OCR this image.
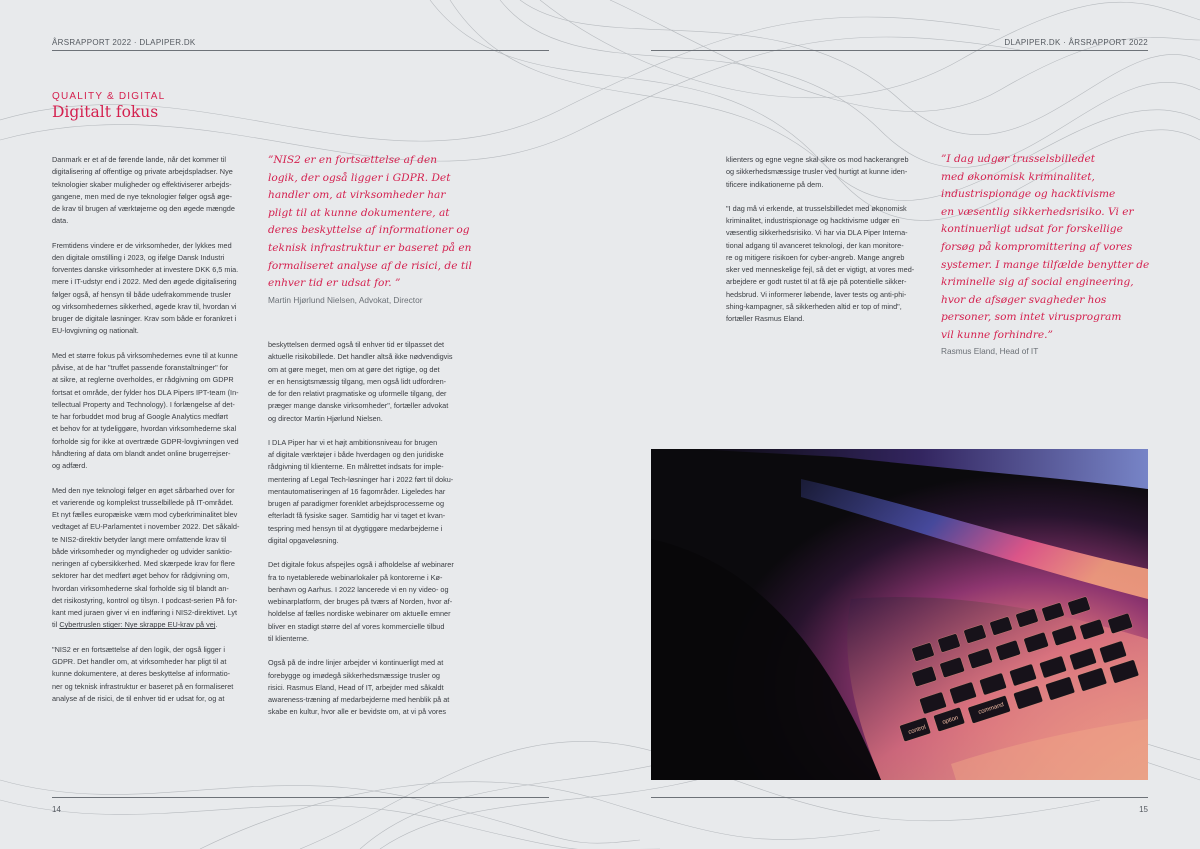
ÅRSRAPPORT 2022 · DLAPIPER.DK	DLAPIPER.DK · ÅRSRAPPORT 2022
QUALITY & DIGITAL
Digitalt fokus

Danmark er et af de førende lande, når det kommer til
digitalisering af offentlige og private arbejdspladser. Nye
teknologier skaber muligheder og effektiviserer arbejds-
gangene, men med de nye teknologier følger også øge-
de krav til brugen af værktøjerne og den øgede mængde
data.

Fremtidens vindere er de virksomheder, der lykkes med
den digitale omstilling i 2023, og ifølge Dansk Industri
forventes danske virksomheder at investere DKK 6,5 mia.
mere i IT-udstyr end i 2022. Med den øgede digitalisering
følger også, af hensyn til både udefrakommende trusler
og virksomhedernes sikkerhed, øgede krav til, hvordan vi
bruger de digitale løsninger. Krav som både er forankret i
EU-lovgivning og nationalt.

Med et større fokus på virksomhedernes evne til at kunne
påvise, at de har "truffet passende foranstaltninger" for
at sikre, at reglerne overholdes, er rådgivning om GDPR
fortsat et område, der fylder hos DLA Pipers IPT-team (In-
tellectual Property and Technology). I forlængelse af det-
te har forbuddet mod brug af Google Analytics medført
et behov for at tydeliggøre, hvordan virksomhederne skal
forholde sig for ikke at overtræde GDPR-lovgivningen ved
håndtering af data om blandt andet online brugerrejser-
og adfærd.

Med den nye teknologi følger en øget sårbarhed over for
et varierende og komplekst trusselbillede på IT-området.
Et nyt fælles europæiske værn mod cyberkriminalitet blev
vedtaget af EU-Parlamentet i november 2022. Det såkald-
te NIS2-direktiv betyder langt mere omfattende krav til
både virksomheder og myndigheder og udvider sanktio-
neringen af cybersikkerhed. Med skærpede krav for flere
sektorer har det medført øget behov for rådgivning om,
hvordan virksomhederne skal forholde sig til blandt an-
det risikostyring, kontrol og tilsyn. I podcast-serien På for-
kant med juraen giver vi en indføring i NIS2-direktivet. Lyt
til Cybertruslen stiger: Nye skrappe EU-krav på vej.

"NIS2 er en fortsættelse af den logik, der også ligger i
GDPR. Det handler om, at virksomheder har pligt til at
kunne dokumentere, at deres beskyttelse af informatio-
ner og teknisk infrastruktur er baseret på en formaliseret
analyse af de risici, de til enhver tid er udsat for, og at

”NIS2 er en fortsættelse af den
logik, der også ligger i GDPR. Det
handler om, at virksomheder har
pligt til at kunne dokumentere, at
deres beskyttelse af informationer og
teknisk infrastruktur er baseret på en
formaliseret analyse af de risici, de til
enhver tid er udsat for. ”
Martin Hjørlund Nielsen, Advokat, Director

beskyttelsen dermed også til enhver tid er tilpasset det
aktuelle risikobillede. Det handler altså ikke nødvendigvis
om at gøre meget, men om at gøre det rigtige, og det
er en hensigtsmæssig tilgang, men også lidt udfordren-
de for den relativt pragmatiske og uformelle tilgang, der
præger mange danske virksomheder", fortæller advokat
og director Martin Hjørlund Nielsen.

I DLA Piper har vi et højt ambitionsniveau for brugen
af digitale værktøjer i både hverdagen og den juridiske
rådgivning til klienterne. En målrettet indsats for imple-
mentering af Legal Tech-løsninger har i 2022 ført til doku-
mentautomatiseringen af 16 fagområder. Ligeledes har
brugen af paradigmer forenklet arbejdsprocesserne og
efterladt få fysiske sager. Samtidig har vi taget et kvan-
tespring med hensyn til at dygtiggøre medarbejderne i
digital opgaveløsning.

Det digitale fokus afspejles også i afholdelse af webinarer
fra to nyetablerede webinarlokaler på kontorerne i Kø-
benhavn og Aarhus. I 2022 lancerede vi en ny video- og
webinarplatform, der bruges på tværs af Norden, hvor af-
holdelse af fælles nordiske webinarer om aktuelle emner
bliver en stadigt større del af vores kommercielle tilbud
til klienterne.

Også på de indre linjer arbejder vi kontinuerligt med at
forebygge og imødegå sikkerhedsmæssige trusler og
risici. Rasmus Eland, Head of IT, arbejder med såkaldt
awareness-træning af medarbejderne med henblik på at
skabe en kultur, hvor alle er bevidste om, at vi på vores

klienters og egne vegne skal sikre os mod hackerangreb
og sikkerhedsmæssige trusler ved hurtigt at kunne iden-
tificere indikationerne på dem.

"I dag må vi erkende, at trusselsbilledet med økonomisk
kriminalitet, industrispionage og hacktivisme udgør en
væsentlig sikkerhedsrisiko. Vi har via DLA Piper Interna-
tional adgang til avanceret teknologi, der kan monitore-
re og mitigere risikoen for cyber-angreb. Mange angreb
sker ved menneskelige fejl, så det er vigtigt, at vores med-
arbejdere er godt rustet til at få øje på potentielle sikker-
hedsbrud. Vi informerer løbende, laver tests og anti-phi-
shing-kampagner, så sikkerheden altid er top of mind",
fortæller Rasmus Eland.

”I dag udgør trusselsbilledet
med økonomisk kriminalitet,
industrispionage og hacktivisme
en væsentlig sikkerhedsrisiko. Vi er
kontinuerligt udsat for forskellige
forsøg på kompromittering af vores
systemer. I mange tilfælde benytter de
kriminelle sig af social engineering,
hvor de afsøger svagheder hos
personer, som intet virusprogram
vil kunne forhindre.”
Rasmus Eland, Head of IT
control
option
command
14	15
